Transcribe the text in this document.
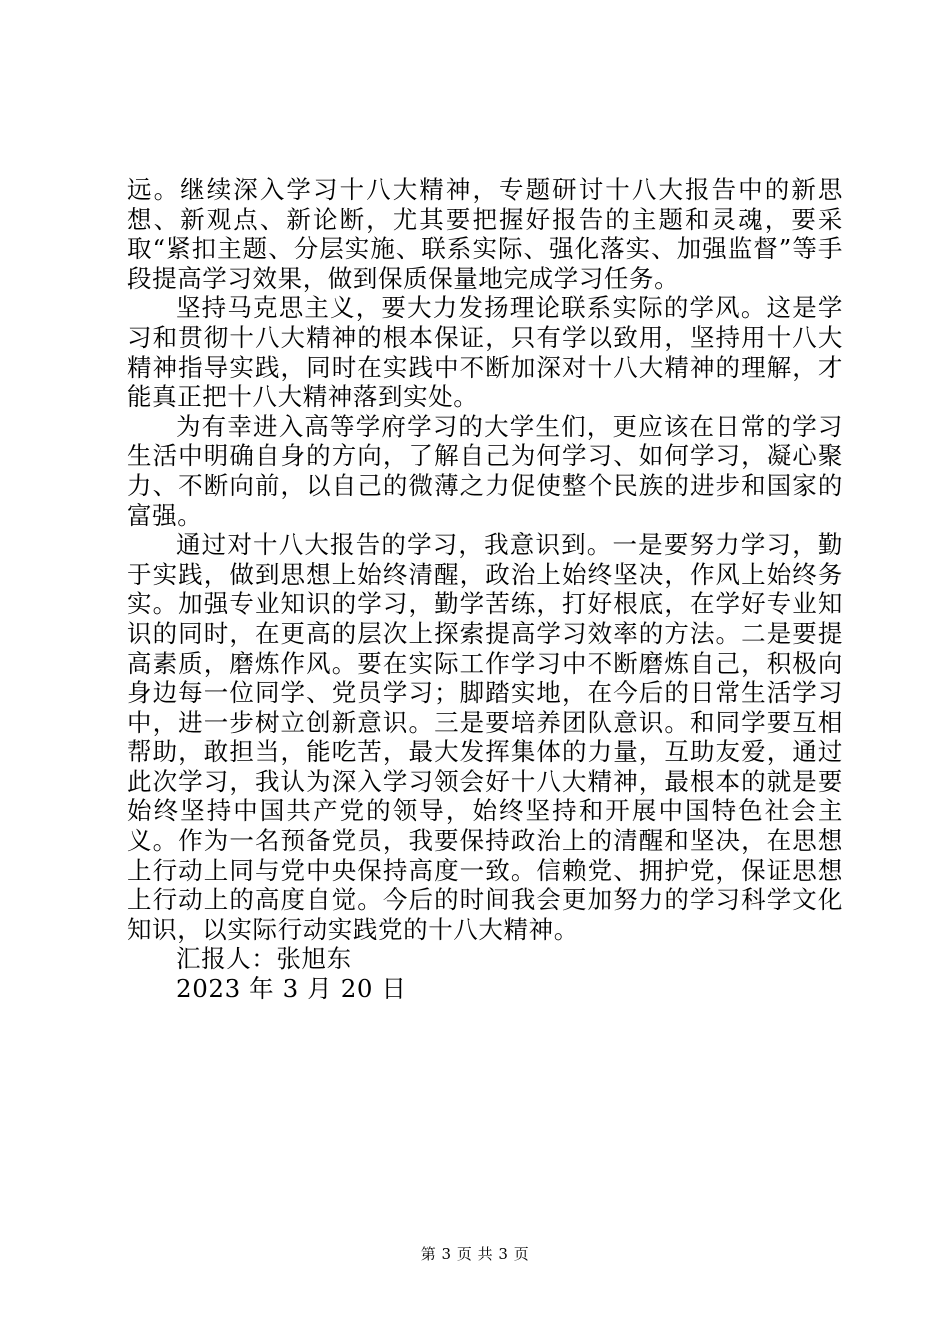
远。继续深入学习十八大精神，专题研讨十八大报告中的新思想、新观点、新论断，尤其要把握好报告的主题和灵魂，要采取“紧扣主题、分层实施、联系实际、强化落实、加强监督”等手段提高学习效果，做到保质保量地完成学习任务。

坚持马克思主义，要大力发扬理论联系实际的学风。这是学习和贯彻十八大精神的根本保证，只有学以致用，坚持用十八大精神指导实践，同时在实践中不断加深对十八大精神的理解，才能真正把十八大精神落到实处。

为有幸进入高等学府学习的大学生们，更应该在日常的学习生活中明确自身的方向，了解自己为何学习、如何学习，凝心聚力、不断向前，以自己的微薄之力促使整个民族的进步和国家的富强。

通过对十八大报告的学习，我意识到。一是要努力学习，勤于实践，做到思想上始终清醒，政治上始终坚决，作风上始终务实。加强专业知识的学习，勤学苦练，打好根底，在学好专业知识的同时，在更高的层次上探索提高学习效率的方法。二是要提高素质，磨炼作风。要在实际工作学习中不断磨炼自己，积极向身边每一位同学、党员学习；脚踏实地，在今后的日常生活学习中，进一步树立创新意识。三是要培养团队意识。和同学要互相帮助，敢担当，能吃苦，最大发挥集体的力量，互助友爱，通过此次学习，我认为深入学习领会好十八大精神，最根本的就是要始终坚持中国共产党的领导，始终坚持和开展中国特色社会主义。作为一名预备党员，我要保持政治上的清醒和坚决，在思想上行动上同与党中央保持高度一致。信赖党、拥护党，保证思想上行动上的高度自觉。今后的时间我会更加努力的学习科学文化知识，以实际行动实践党的十八大精神。

汇报人：张旭东

2023 年 3 月 20 日

第 3 页 共 3 页
